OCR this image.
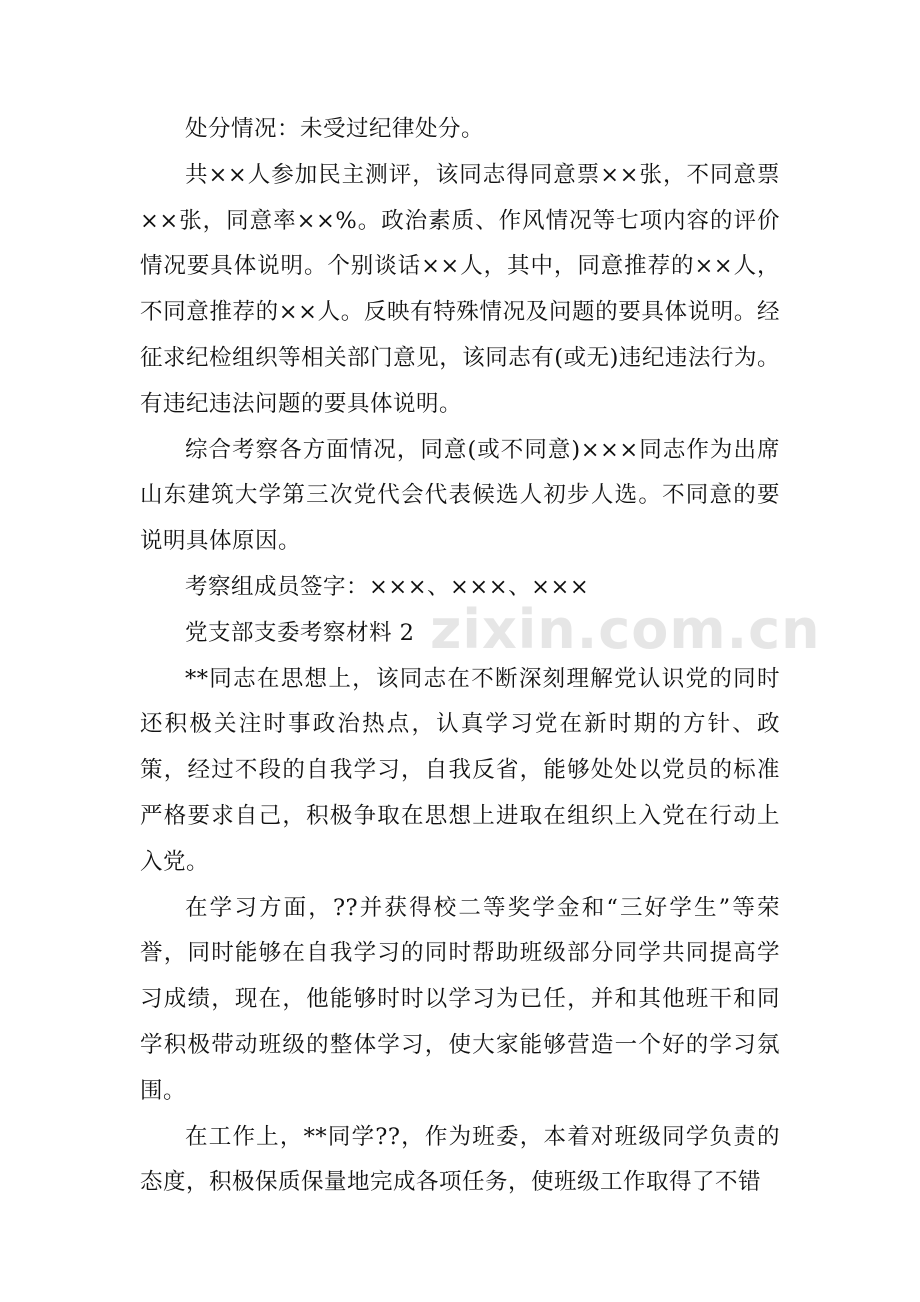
处分情况：未受过纪律处分。

共××人参加民主测评，该同志得同意票××张，不同意票××张，同意率××%。政治素质、作风情况等七项内容的评价情况要具体说明。个别谈话××人，其中，同意推荐的××人，不同意推荐的××人。反映有特殊情况及问题的要具体说明。经征求纪检组织等相关部门意见，该同志有(或无)违纪违法行为。有违纪违法问题的要具体说明。

综合考察各方面情况，同意(或不同意)×××同志作为出席山东建筑大学第三次党代会代表候选人初步人选。不同意的要说明具体原因。

考察组成员签字：×××、×××、×××

党支部支委考察材料 2

**同志在思想上，该同志在不断深刻理解党认识党的同时还积极关注时事政治热点，认真学习党在新时期的方针、政策，经过不段的自我学习，自我反省，能够处处以党员的标准严格要求自己，积极争取在思想上进取在组织上入党在行动上入党。

在学习方面，??并获得校二等奖学金和“三好学生”等荣誉，同时能够在自我学习的同时帮助班级部分同学共同提高学习成绩，现在，他能够时时以学习为已任，并和其他班干和同学积极带动班级的整体学习，使大家能够营造一个好的学习氛围。

在工作上，**同学??，作为班委，本着对班级同学负责的态度，积极保质保量地完成各项任务，使班级工作取得了不错

zixin.com.cn
